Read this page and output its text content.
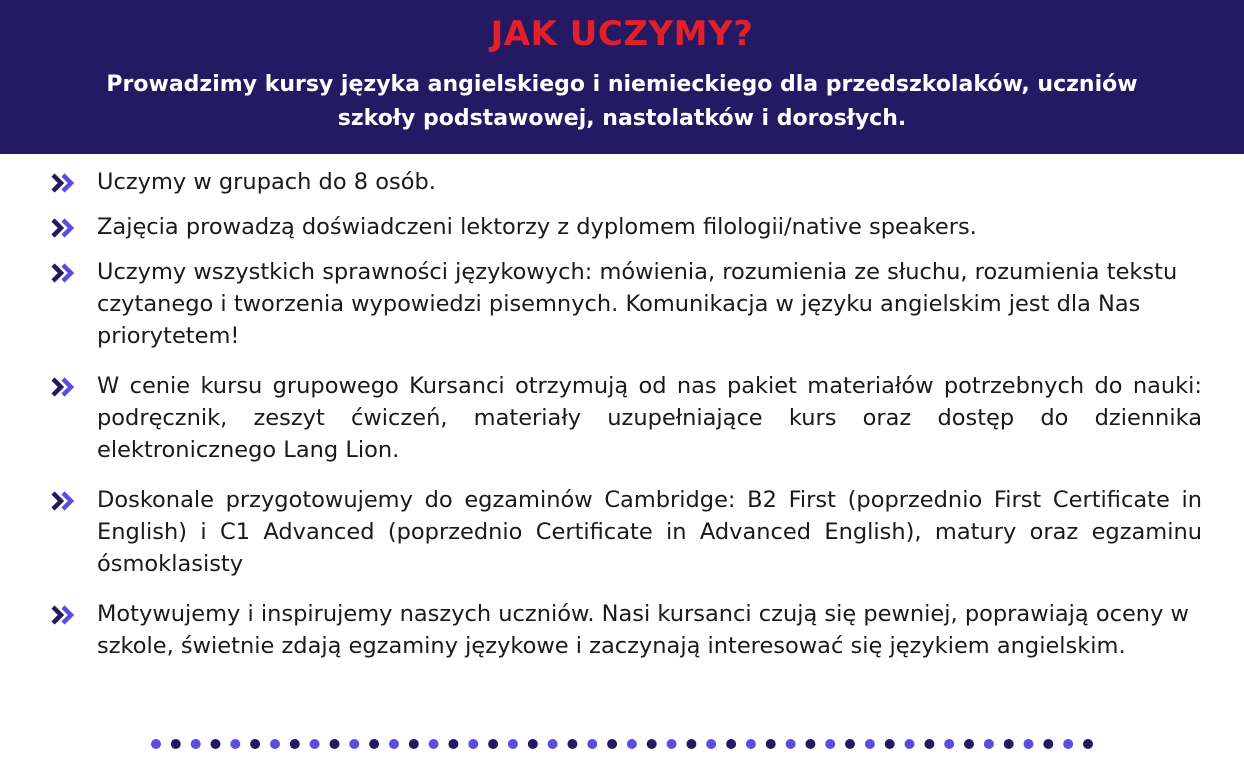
JAK UCZYMY?
Prowadzimy kursy języka angielskiego i niemieckiego dla przedszkolaków, uczniów szkoły podstawowej, nastolatków i dorosłych.
Uczymy w grupach do 8 osób.
Zajęcia prowadzą doświadczeni lektorzy z dyplomem filologii/native speakers.
Uczymy wszystkich sprawności językowych: mówienia, rozumienia ze słuchu, rozumienia tekstu czytanego i tworzenia wypowiedzi pisemnych. Komunikacja w języku angielskim jest dla Nas priorytetem!
W cenie kursu grupowego Kursanci otrzymują od nas pakiet materiałów potrzebnych do nauki: podręcznik, zeszyt ćwiczeń, materiały uzupełniające kurs oraz dostęp do dziennika elektronicznego Lang Lion.
Doskonale przygotowujemy do egzaminów Cambridge: B2 First (poprzednio First Certificate in English) i C1 Advanced (poprzednio Certificate in Advanced English), matury oraz egzaminu ósmoklasisty
Motywujemy i inspirujemy naszych uczniów. Nasi kursanci czują się pewniej, poprawiają oceny w szkole, świetnie zdają egzaminy językowe i zaczynają interesować się językiem angielskim.
